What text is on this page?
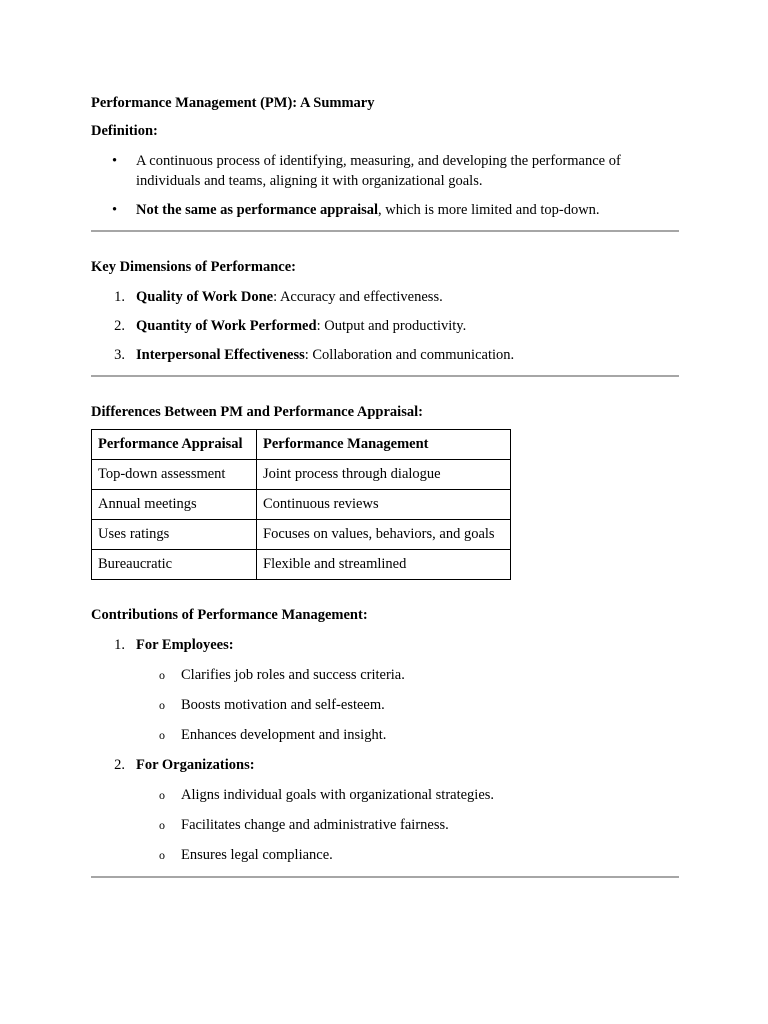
Performance Management (PM): A Summary
Definition:
• A continuous process of identifying, measuring, and developing the performance of individuals and teams, aligning it with organizational goals.
• Not the same as performance appraisal, which is more limited and top-down.
Key Dimensions of Performance:
1. Quality of Work Done: Accuracy and effectiveness.
2. Quantity of Work Performed: Output and productivity.
3. Interpersonal Effectiveness: Collaboration and communication.
Differences Between PM and Performance Appraisal:
Performance Appraisal	Performance Management
Top-down assessment	Joint process through dialogue
Annual meetings	Continuous reviews
Uses ratings	Focuses on values, behaviors, and goals
Bureaucratic	Flexible and streamlined
Contributions of Performance Management:
1. For Employees:
o Clarifies job roles and success criteria.
o Boosts motivation and self-esteem.
o Enhances development and insight.
2. For Organizations:
o Aligns individual goals with organizational strategies.
o Facilitates change and administrative fairness.
o Ensures legal compliance.
